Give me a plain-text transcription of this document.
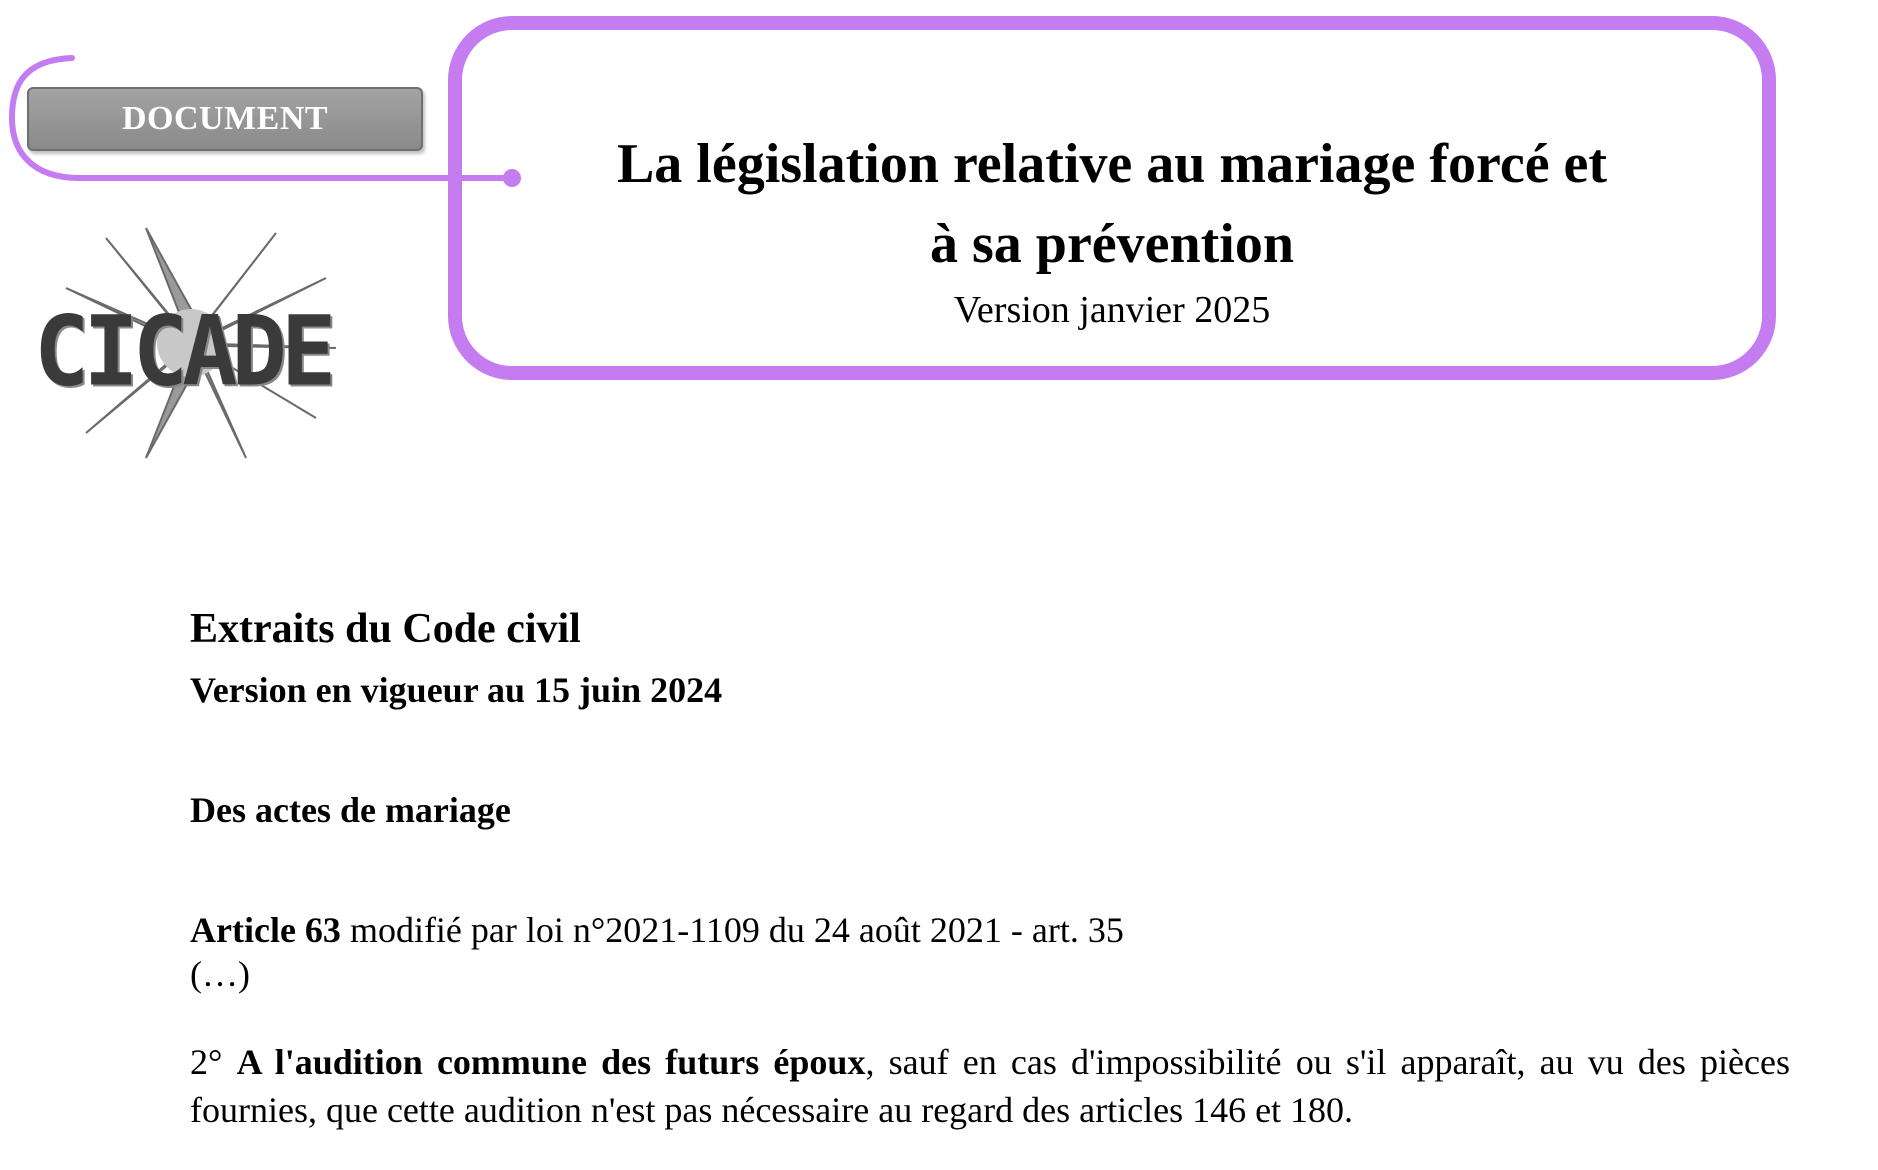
DOCUMENT
CICADE
La législation relative au mariage forcé et
à sa prévention
Version janvier 2025
Extraits du Code civil
Version en vigueur au 15 juin 2024
Des actes de mariage
Article 63 modifié par loi n°2021-1109 du 24 août 2021 - art. 35
(…)
2° A l'audition commune des futurs époux, sauf en cas d'impossibilité ou s'il apparaît, au vu des pièces fournies, que cette audition n'est pas nécessaire au regard des articles 146 et 180.
